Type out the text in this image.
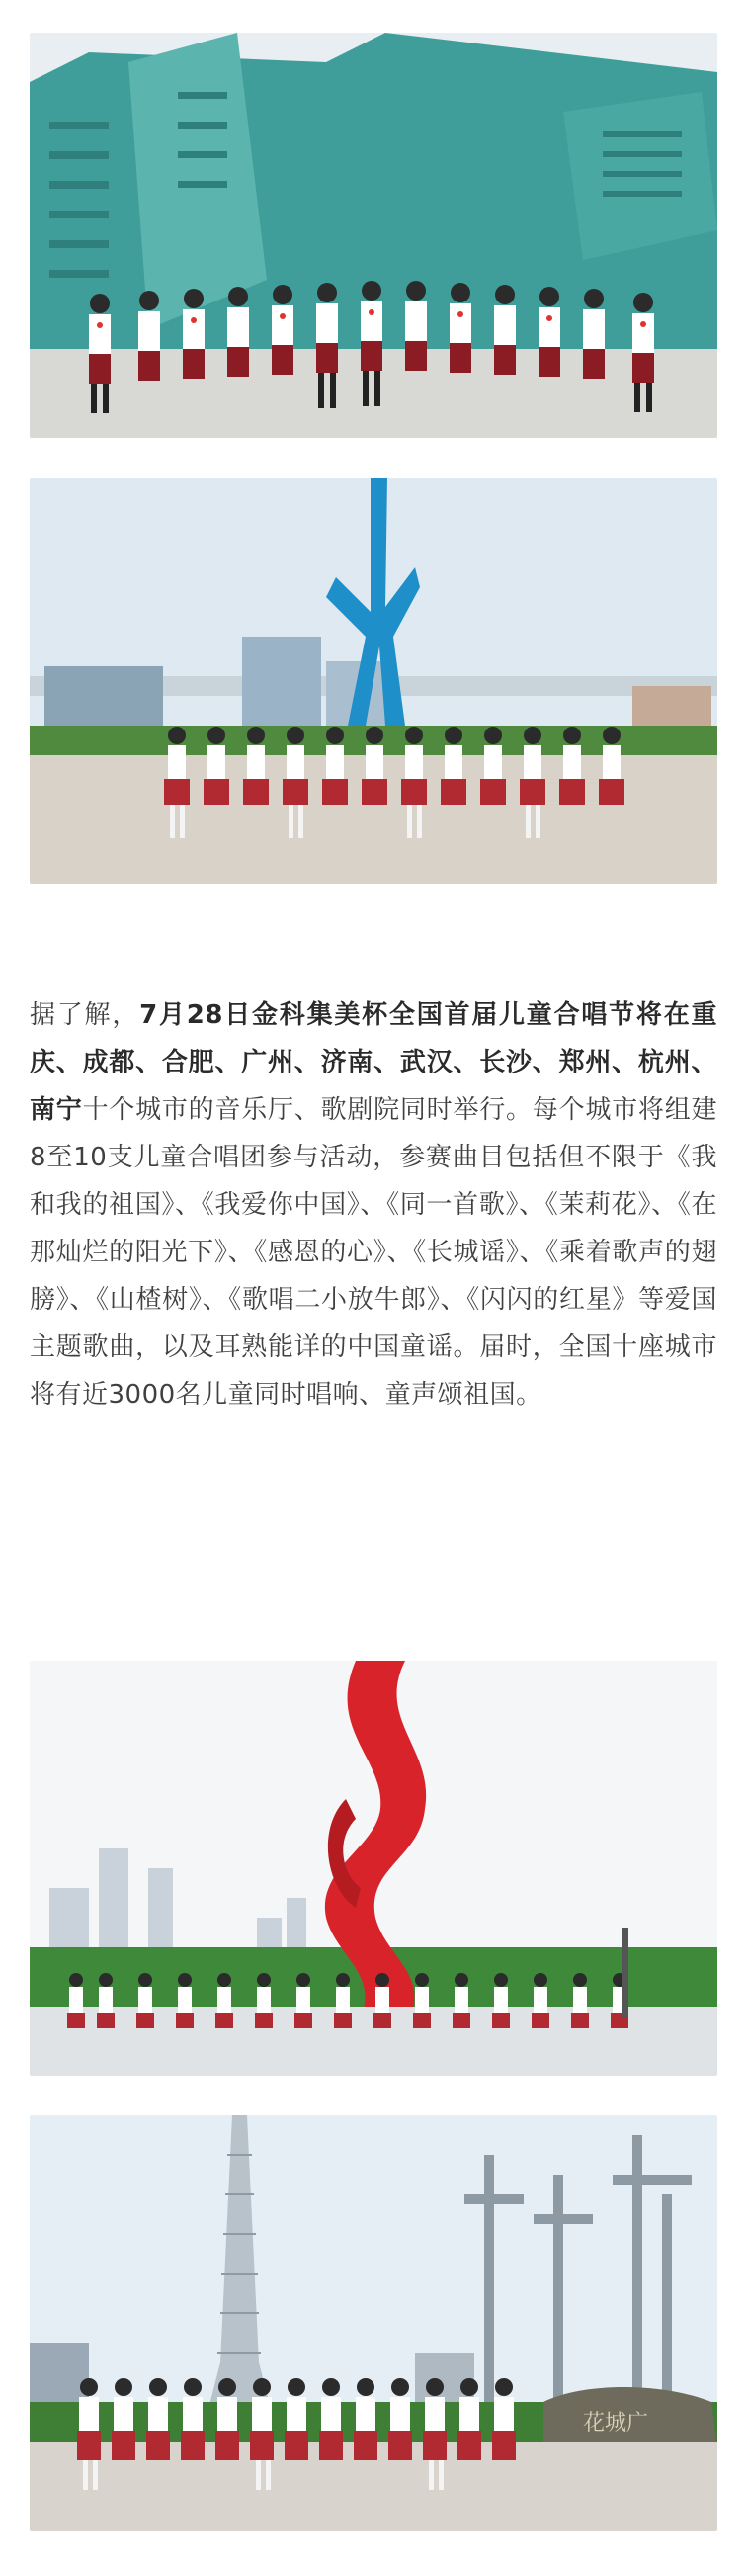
据了解，7月28日金科集美杯全国首届儿童合唱节将在重庆、成都、合肥、广州、济南、武汉、长沙、郑州、杭州、南宁十个城市的音乐厅、歌剧院同时举行。每个城市将组建8至10支儿童合唱团参与活动，参赛曲目包括但不限于《我和我的祖国》、《我爱你中国》、《同一首歌》、《茉莉花》、《在那灿烂的阳光下》、《感恩的心》、《长城谣》、《乘着歌声的翅膀》、《山楂树》、《歌唱二小放牛郎》、《闪闪的红星》等爱国主题歌曲，以及耳熟能详的中国童谣。届时，全国十座城市将有近3000名儿童同时唱响、童声颂祖国。
花城广
JIWU 吉屋
